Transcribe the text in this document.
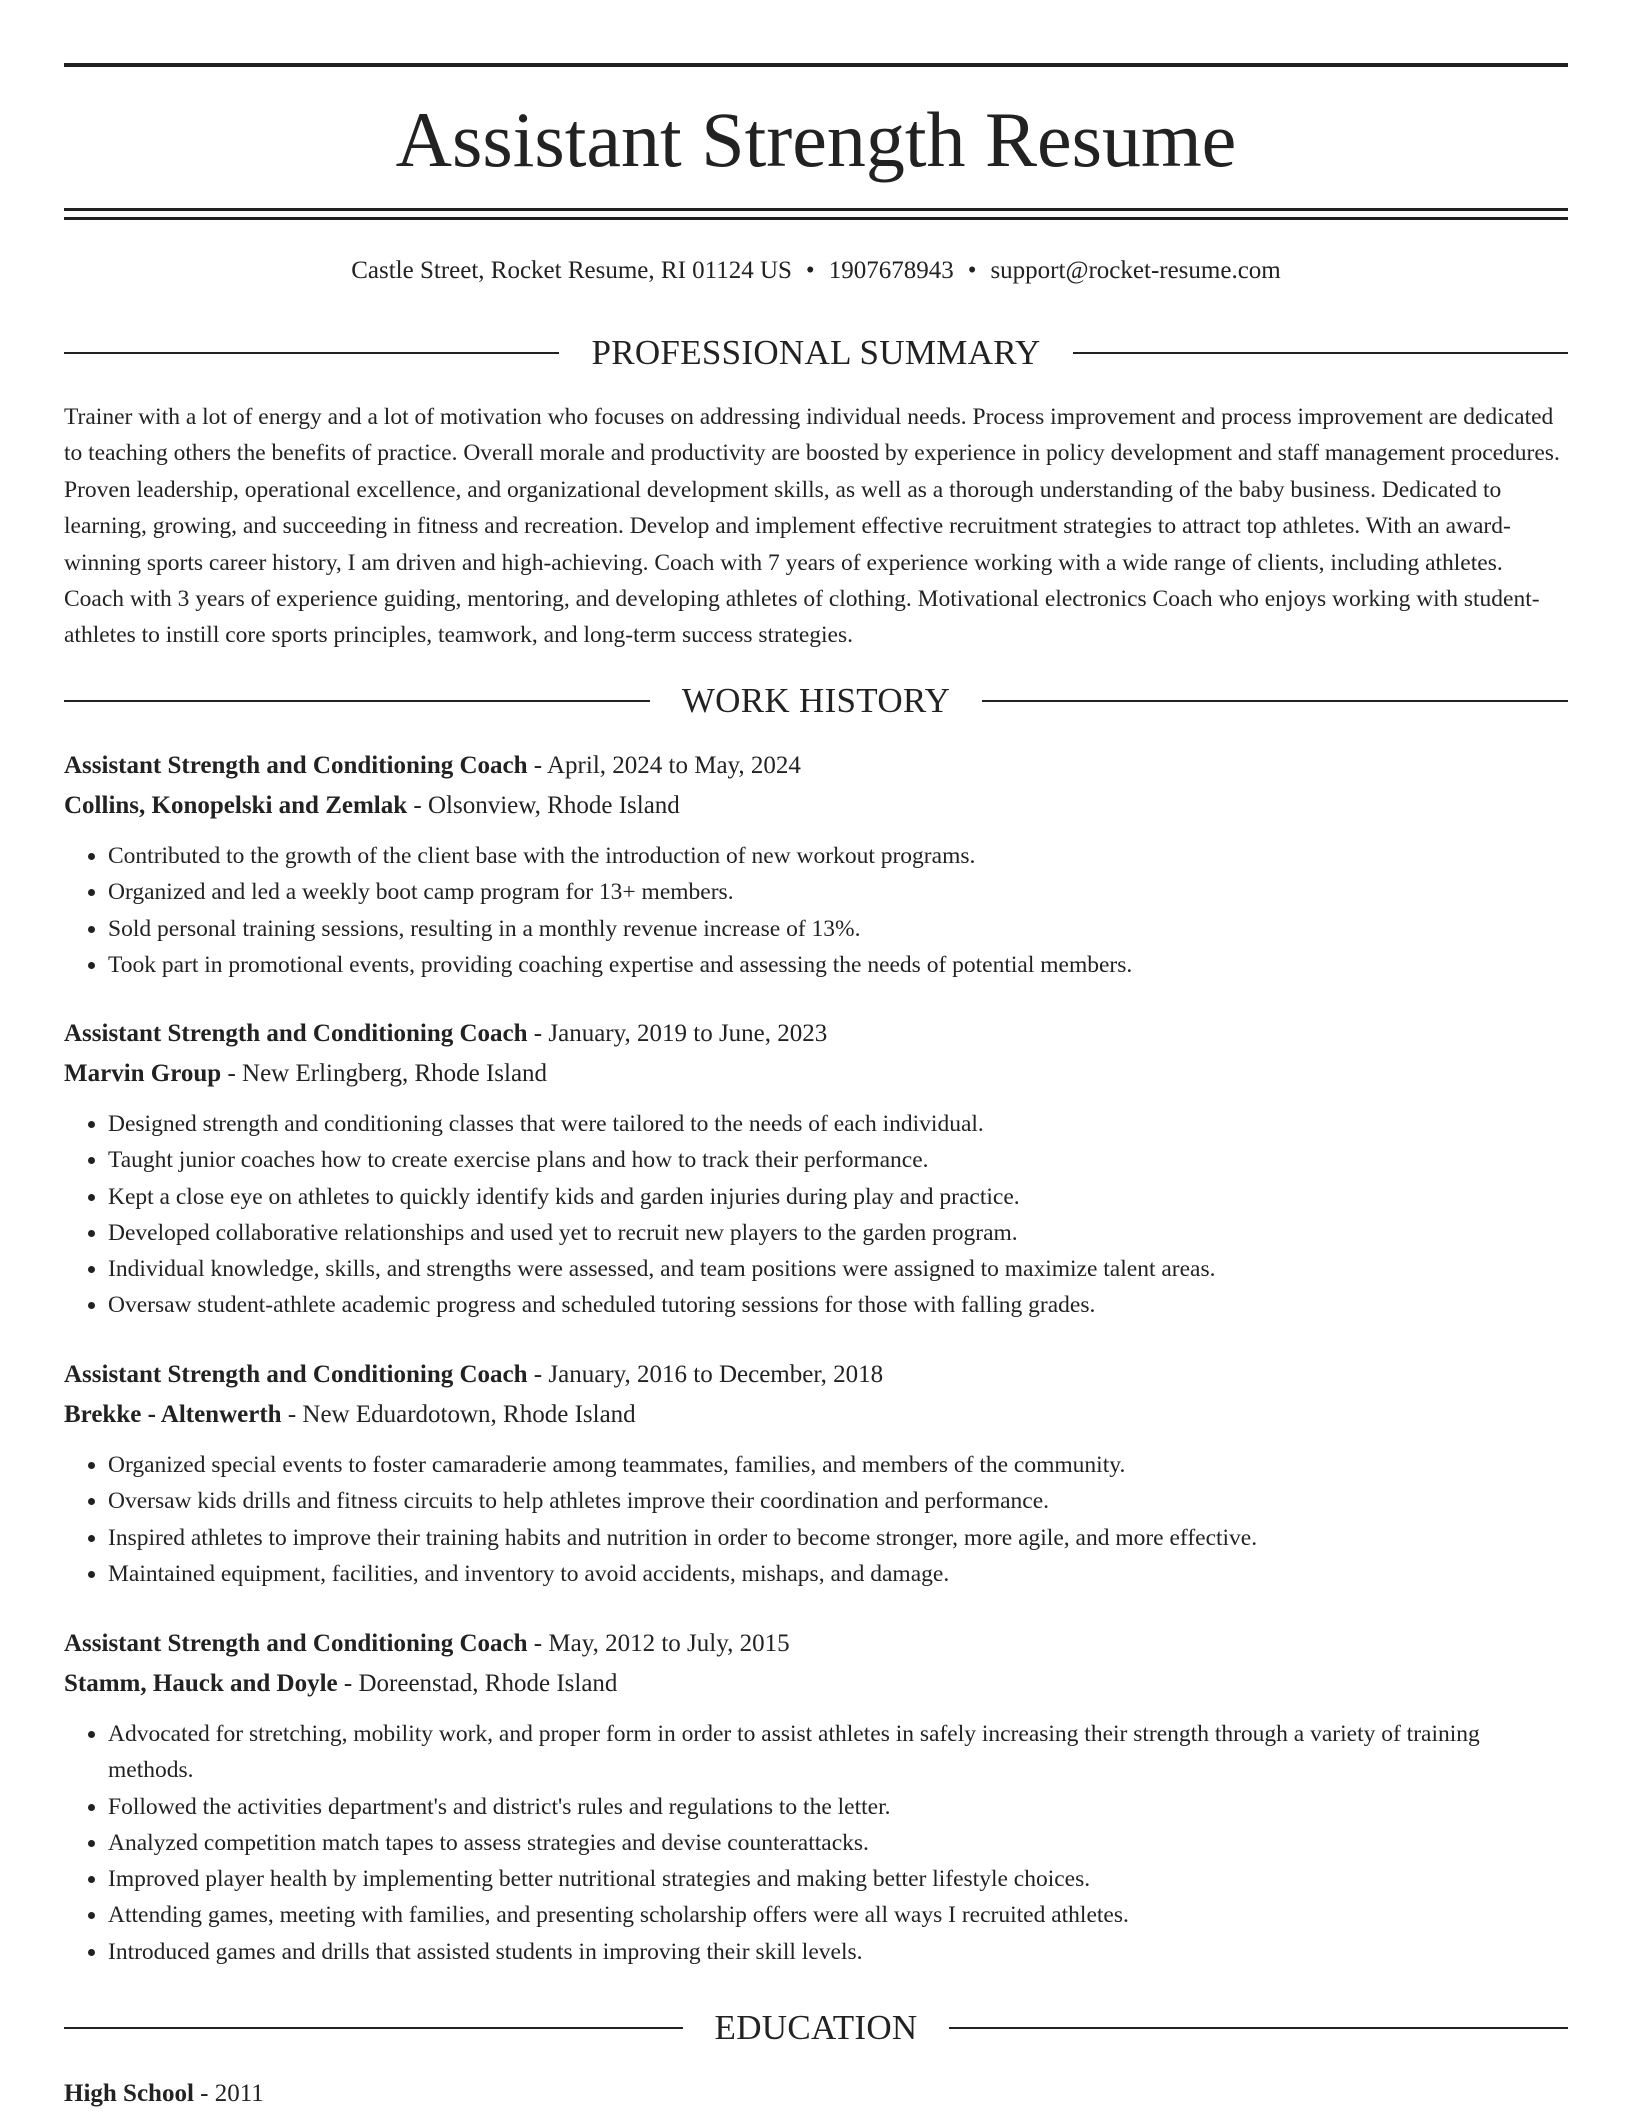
Assistant Strength Resume
Castle Street, Rocket Resume, RI 01124 US • 1907678943 • support@rocket-resume.com
PROFESSIONAL SUMMARY

Trainer with a lot of energy and a lot of motivation who focuses on addressing individual needs. Process improvement and process improvement are dedicated to teaching others the benefits of practice. Overall morale and productivity are boosted by experience in policy development and staff management procedures. Proven leadership, operational excellence, and organizational development skills, as well as a thorough understanding of the baby business. Dedicated to learning, growing, and succeeding in fitness and recreation. Develop and implement effective recruitment strategies to attract top athletes. With an award-winning sports career history, I am driven and high-achieving. Coach with 7 years of experience working with a wide range of clients, including athletes. Coach with 3 years of experience guiding, mentoring, and developing athletes of clothing. Motivational electronics Coach who enjoys working with student-athletes to instill core sports principles, teamwork, and long-term success strategies.

WORK HISTORY
Assistant Strength and Conditioning Coach - April, 2024 to May, 2024
Collins, Konopelski and Zemlak - Olsonview, Rhode Island
• Contributed to the growth of the client base with the introduction of new workout programs.
• Organized and led a weekly boot camp program for 13+ members.
• Sold personal training sessions, resulting in a monthly revenue increase of 13%.
• Took part in promotional events, providing coaching expertise and assessing the needs of potential members.
Assistant Strength and Conditioning Coach - January, 2019 to June, 2023
Marvin Group - New Erlingberg, Rhode Island
• Designed strength and conditioning classes that were tailored to the needs of each individual.
• Taught junior coaches how to create exercise plans and how to track their performance.
• Kept a close eye on athletes to quickly identify kids and garden injuries during play and practice.
• Developed collaborative relationships and used yet to recruit new players to the garden program.
• Individual knowledge, skills, and strengths were assessed, and team positions were assigned to maximize talent areas.
• Oversaw student-athlete academic progress and scheduled tutoring sessions for those with falling grades.
Assistant Strength and Conditioning Coach - January, 2016 to December, 2018
Brekke - Altenwerth - New Eduardotown, Rhode Island
• Organized special events to foster camaraderie among teammates, families, and members of the community.
• Oversaw kids drills and fitness circuits to help athletes improve their coordination and performance.
• Inspired athletes to improve their training habits and nutrition in order to become stronger, more agile, and more effective.
• Maintained equipment, facilities, and inventory to avoid accidents, mishaps, and damage.
Assistant Strength and Conditioning Coach - May, 2012 to July, 2015
Stamm, Hauck and Doyle - Doreenstad, Rhode Island
• Advocated for stretching, mobility work, and proper form in order to assist athletes in safely increasing their strength through a variety of training methods.
• Followed the activities department's and district's rules and regulations to the letter.
• Analyzed competition match tapes to assess strategies and devise counterattacks.
• Improved player health by implementing better nutritional strategies and making better lifestyle choices.
• Attending games, meeting with families, and presenting scholarship offers were all ways I recruited athletes.
• Introduced games and drills that assisted students in improving their skill levels.
EDUCATION
High School - 2011
